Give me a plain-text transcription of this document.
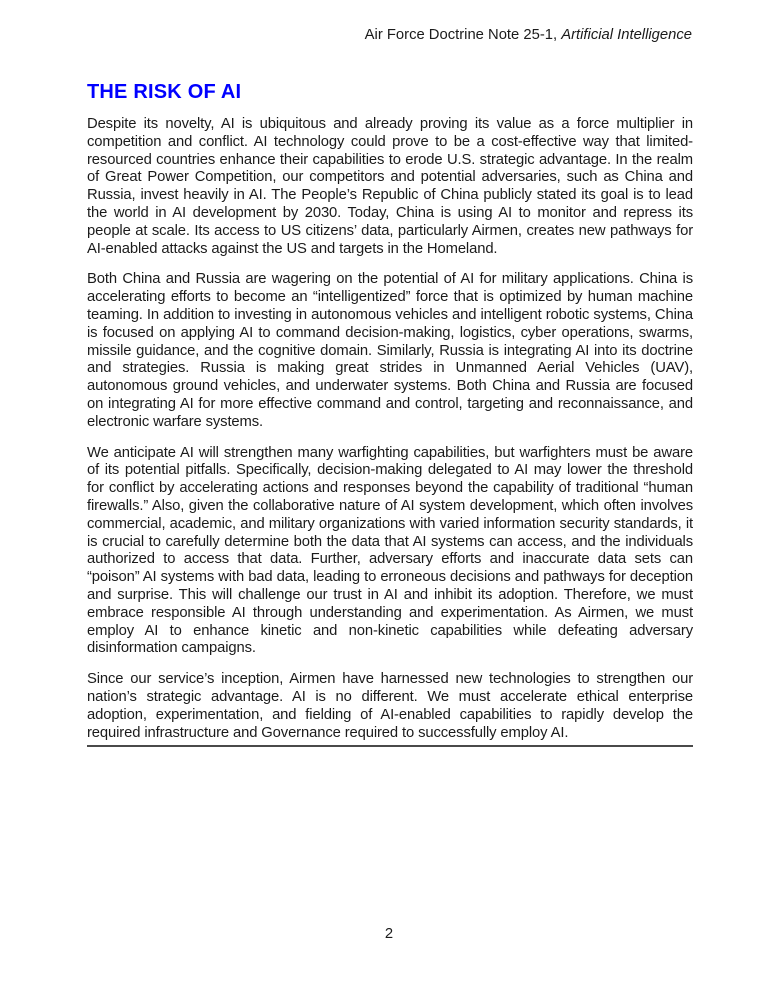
Air Force Doctrine Note 25-1, Artificial Intelligence
THE RISK OF AI

Despite its novelty, AI is ubiquitous and already proving its value as a force multiplier in competition and conflict. AI technology could prove to be a cost-effective way that limited-resourced countries enhance their capabilities to erode U.S. strategic advantage. In the realm of Great Power Competition, our competitors and potential adversaries, such as China and Russia, invest heavily in AI. The People’s Republic of China publicly stated its goal is to lead the world in AI development by 2030. Today, China is using AI to monitor and repress its people at scale. Its access to US citizens’ data, particularly Airmen, creates new pathways for AI-enabled attacks against the US and targets in the Homeland.

Both China and Russia are wagering on the potential of AI for military applications. China is accelerating efforts to become an “intelligentized” force that is optimized by human machine teaming. In addition to investing in autonomous vehicles and intelligent robotic systems, China is focused on applying AI to command decision-making, logistics, cyber operations, swarms, missile guidance, and the cognitive domain. Similarly, Russia is integrating AI into its doctrine and strategies. Russia is making great strides in Unmanned Aerial Vehicles (UAV), autonomous ground vehicles, and underwater systems. Both China and Russia are focused on integrating AI for more effective command and control, targeting and reconnaissance, and electronic warfare systems.

We anticipate AI will strengthen many warfighting capabilities, but warfighters must be aware of its potential pitfalls. Specifically, decision-making delegated to AI may lower the threshold for conflict by accelerating actions and responses beyond the capability of traditional “human firewalls.” Also, given the collaborative nature of AI system development, which often involves commercial, academic, and military organizations with varied information security standards, it is crucial to carefully determine both the data that AI systems can access, and the individuals authorized to access that data. Further, adversary efforts and inaccurate data sets can “poison” AI systems with bad data, leading to erroneous decisions and pathways for deception and surprise. This will challenge our trust in AI and inhibit its adoption. Therefore, we must embrace responsible AI through understanding and experimentation. As Airmen, we must employ AI to enhance kinetic and non-kinetic capabilities while defeating adversary disinformation campaigns.

Since our service’s inception, Airmen have harnessed new technologies to strengthen our nation’s strategic advantage. AI is no different. We must accelerate ethical enterprise adoption, experimentation, and fielding of AI-enabled capabilities to rapidly develop the required infrastructure and Governance required to successfully employ AI.

2
